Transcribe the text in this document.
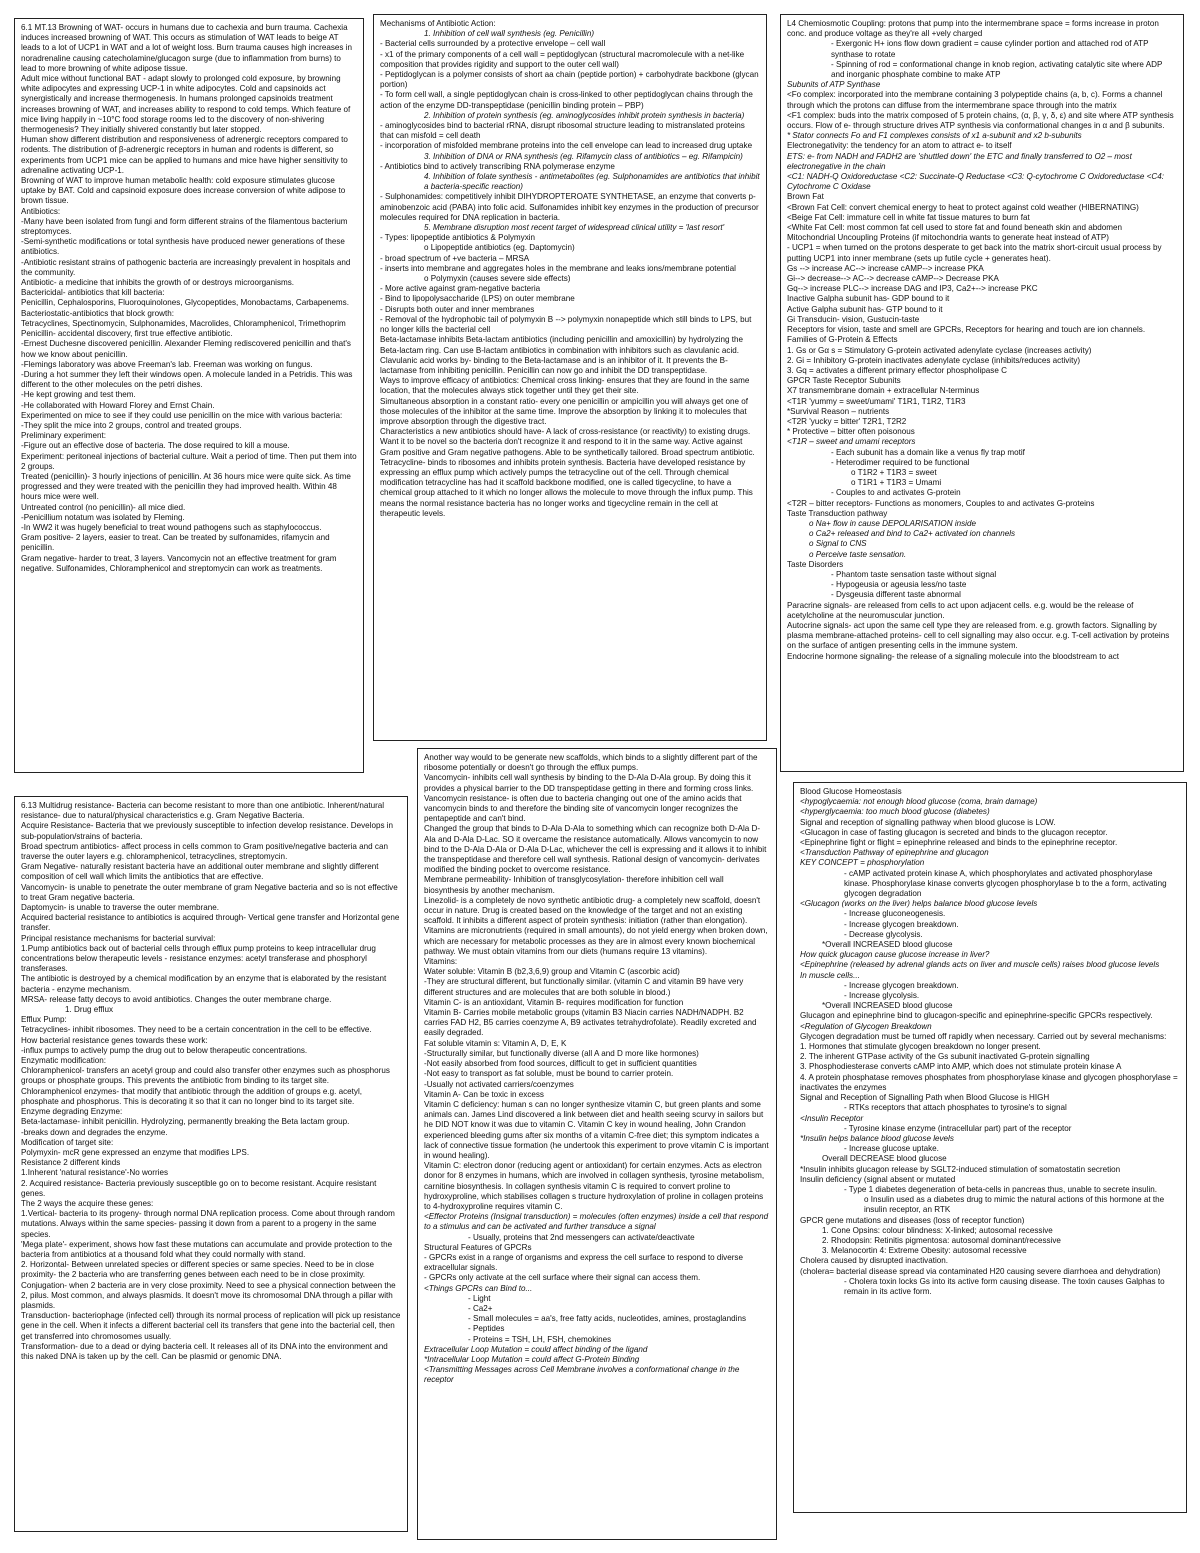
6.1 MT.13 Browning of WAT- occurs in humans due to cachexia and burn trauma. Cachexia induces increased browning of WAT. This occurs as stimulation of WAT leads to beige AT leads to a lot of UCP1 in WAT and a lot of weight loss. Burn trauma causes high increases in noradrenaline causing catecholamine/glucagon surge (due to inflammation from burns) to lead to more browning of white adipose tissue.

Adult mice without functional BAT - adapt slowly to prolonged cold exposure, by browning white adipocytes and expressing UCP-1 in white adipocytes. Cold and capsinoids act synergistically and increase thermogenesis. In humans prolonged capsinoids treatment increases browning of WAT, and increases ability to respond to cold temps. Which feature of mice living happily in ~10°C food storage rooms led to the discovery of non-shivering thermogenesis? They initially shivered constantly but later stopped.

Human show different distribution and responsiveness of adrenergic receptors compared to rodents. The distribution of β-adrenergic receptors in human and rodents is different, so experiments from UCP1 mice can be applied to humans and mice have higher sensitivity to adrenaline activating UCP-1.

Browning of WAT to improve human metabolic health: cold exposure stimulates glucose uptake by BAT. Cold and capsinoid exposure does increase conversion of white adipose to brown tissue.

Antibiotics:

-Many have been isolated from fungi and form different strains of the filamentous bacterium streptomyces.

-Semi-synthetic modifications or total synthesis have produced newer generations of these antibiotics.

-Antibiotic resistant strains of pathogenic bacteria are increasingly prevalent in hospitals and the community.

Antibiotic- a medicine that inhibits the growth of or destroys microorganisms.

Bactericidal- antibiotics that kill bacteria:

Penicillin, Cephalosporins, Fluoroquinolones, Glycopeptides, Monobactams, Carbapenems.

Bacteriostatic-antibiotics that block growth:

Tetracyclines, Spectinomycin, Sulphonamides, Macrolides, Chloramphenicol, Trimethoprim

Penicillin- accidental discovery, first true effective antibiotic.

-Ernest Duchesne discovered penicillin. Alexander Fleming rediscovered penicillin and that's how we know about penicillin.

-Flemings laboratory was above Freeman's lab. Freeman was working on fungus.

-During a hot summer they left their windows open. A molecule landed in a Petridis. This was different to the other molecules on the petri dishes.

-He kept growing and test them.

-He collaborated with Howard Florey and Ernst Chain.

Experimented on mice to see if they could use penicillin on the mice with various bacteria:

-They split the mice into 2 groups, control and treated groups.

Preliminary experiment:

-Figure out an effective dose of bacteria. The dose required to kill a mouse.

Experiment: peritoneal injections of bacterial culture. Wait a period of time. Then put them into 2 groups.

Treated (penicillin)- 3 hourly injections of penicillin. At 36 hours mice were quite sick. As time progressed and they were treated with the penicillin they had improved health. Within 48 hours mice were well.

Untreated control (no penicillin)- all mice died.

-Penicillium notatum was isolated by Fleming.

-In WW2 it was hugely beneficial to treat wound pathogens such as staphylococcus.

Gram positive- 2 layers, easier to treat. Can be treated by sulfonamides, rifamycin and penicillin.

Gram negative- harder to treat, 3 layers. Vancomycin not an effective treatment for gram negative. Sulfonamides, Chloramphenicol and streptomycin can work as treatments.

Mechanisms of Antibiotic Action:

1. Inhibition of cell wall synthesis (eg. Penicillin)

- Bacterial cells surrounded by a protective envelope – cell wall

- x1 of the primary components of a cell wall = peptidoglycan (structural macromolecule with a net-like composition that provides rigidity and support to the outer cell wall)

- Peptidoglycan is a polymer consists of short aa chain (peptide portion) + carbohydrate backbone (glycan portion)

- To form cell wall, a single peptidoglycan chain is cross-linked to other peptidoglycan chains through the action of the enzyme DD-transpeptidase (penicillin binding protein – PBP)

2. Inhibition of protein synthesis (eg. aminoglycosides inhibit protein synthesis in bacteria)

- aminoglycosides bind to bacterial rRNA, disrupt ribosomal structure leading to mistranslated proteins that can misfold = cell death

- incorporation of misfolded membrane proteins into the cell envelope can lead to increased drug uptake

3. Inhibition of DNA or RNA synthesis (eg. Rifamycin class of antibiotics – eg. Rifampicin)

- Antibiotics bind to actively transcribing RNA polymerase enzyme

4. Inhibition of folate synthesis - antimetabolites (eg. Sulphonamides are antibiotics that inhibit a bacteria-specific reaction)

- Sulphonamides: competitively inhibit DIHYDROPTEROATE SYNTHETASE, an enzyme that converts p-aminobenzoic acid (PABA) into folic acid. Sulfonamides inhibit key enzymes in the production of precursor molecules required for DNA replication in bacteria.

5. Membrane disruption most recent target of widespread clinical utility = 'last resort'

- Types: lipopeptide antibiotics & Polymyxin

o Lipopeptide antibiotics (eg. Daptomycin)

- broad spectrum of +ve bacteria – MRSA

- inserts into membrane and aggregates holes in the membrane and leaks ions/membrane potential

o Polymyxin (causes severe side effects)

- More active against gram-negative bacteria

- Bind to lipopolysaccharide (LPS) on outer membrane

- Disrupts both outer and inner membranes

- Removal of the hydrophobic tail of polymyxin B --> polymyxin nonapeptide which still binds to LPS, but no longer kills the bacterial cell

Beta-lactamase inhibits Beta-lactam antibiotics (including penicillin and amoxicillin) by hydrolyzing the Beta-lactam ring. Can use B-lactam antibiotics in combination with inhibitors such as clavulanic acid.

Clavulanic acid works by- binding to the Beta-lactamase and is an inhibitor of it. It prevents the B-lactamase from inhibiting penicillin. Penicillin can now go and inhibit the DD transpeptidase.

Ways to improve efficacy of antibiotics: Chemical cross linking- ensures that they are found in the same location, that the molecules always stick together until they get their site.

Simultaneous absorption in a constant ratio- every one penicillin or ampicillin you will always get one of those molecules of the inhibitor at the same time. Improve the absorption by linking it to molecules that improve absorption through the digestive tract.

Characteristics a new antibiotics should have- A lack of cross-resistance (or reactivity) to existing drugs. Want it to be novel so the bacteria don't recognize it and respond to it in the same way. Active against Gram positive and Gram negative pathogens. Able to be synthetically tailored. Broad spectrum antibiotic.

Tetracycline- binds to ribosomes and inhibits protein synthesis. Bacteria have developed resistance by expressing an efflux pump which actively pumps the tetracycline out of the cell. Through chemical modification tetracycline has had it scaffold backbone modified, one is called tigecycline, to have a chemical group attached to it which no longer allows the molecule to move through the influx pump. This means the normal resistance bacteria has no longer works and tigecycline remain in the cell at therapeutic levels.

L4 Chemiosmotic Coupling: protons that pump into the intermembrane space = forms increase in proton conc. and produce voltage as they're all +vely charged

- Exergonic H+ ions flow down gradient = cause cylinder portion and attached rod of ATP synthase to rotate

- Spinning of rod = conformational change in knob region, activating catalytic site where ADP and inorganic phosphate combine to make ATP

Subunits of ATP Synthase

<Fo complex: incorporated into the membrane containing 3 polypeptide chains (a, b, c). Forms a channel through which the protons can diffuse from the intermembrane space through into the matrix

<F1 complex: buds into the matrix composed of 5 protein chains, (α, β, γ, δ, ε) and site where ATP synthesis occurs. Flow of e- through structure drives ATP synthesis via conformational changes in α and β subunits.

* Stator connects Fo and F1 complexes consists of x1 a-subunit and x2 b-subunits

Electronegativity: the tendency for an atom to attract e- to itself

ETS: e- from NADH and FADH2 are 'shuttled down' the ETC and finally transferred to O2 – most electronegative in the chain

<C1: NADH-Q Oxidoreductase <C2: Succinate-Q Reductase <C3: Q-cytochrome C Oxidoreductase <C4: Cytochrome C Oxidase

Brown Fat

<Brown Fat Cell: convert chemical energy to heat to protect against cold weather (HIBERNATING)

<Beige Fat Cell: immature cell in white fat tissue matures to burn fat

<White Fat Cell: most common fat cell used to store fat and found beneath skin and abdomen

Mitochondrial Uncoupling Proteins (if mitochondria wants to generate heat instead of ATP)

- UCP1 = when turned on the protons desperate to get back into the matrix short-circuit usual process by putting UCP1 into inner membrane (sets up futile cycle + generates heat).

Gs --> increase AC--> increase cAMP--> increase PKA

Gi--> decrease--> AC--> decrease cAMP--> Decrease PKA

Gq--> increase PLC--> increase DAG and IP3, Ca2+--> increase PKC

Inactive Galpha subunit has- GDP bound to it

Active Galpha subunit has- GTP bound to it

Gi Transducin- vision, Gustucin-taste

Receptors for vision, taste and smell are GPCRs, Receptors for hearing and touch are ion channels. Families of G-Protein & Effects

1. Gs or Gα s = Stimulatory G-protein activated adenylate cyclase (increases activity)

2. Gi = Inhibitory G-protein inactivates adenylate cyclase (inhibits/reduces activity)

3. Gq = activates a different primary effector phospholipase C

GPCR Taste Receptor Subunits

X7 transmembrane domain + extracellular N-terminus

<T1R 'yummy = sweet/umami' T1R1, T1R2, T1R3

*Survival Reason – nutrients

<T2R 'yucky = bitter' T2R1, T2R2

* Protective – bitter often poisonous

<T1R – sweet and umami receptors

- Each subunit has a domain like a venus fly trap motif

- Heterodimer required to be functional

o T1R2 + T1R3 = sweet

o T1R1 + T1R3 = Umami

- Couples to and activates G-protein

<T2R – bitter receptors- Functions as monomers, Couples to and activates G-proteins

Taste Transduction pathway

o Na+ flow in cause DEPOLARISATION inside

o Ca2+ released and bind to Ca2+ activated ion channels

o Signal to CNS

o Perceive taste sensation.

Taste Disorders

- Phantom taste sensation taste without signal

- Hypogeusia or ageusia less/no taste

- Dysgeusia different taste abnormal

Paracrine signals- are released from cells to act upon adjacent cells. e.g. would be the release of acetylcholine at the neuromuscular junction.

Autocrine signals- act upon the same cell type they are released from. e.g. growth factors. Signalling by plasma membrane-attached proteins- cell to cell signalling may also occur. e.g. T-cell activation by proteins on the surface of antigen presenting cells in the immune system.

Endocrine hormone signaling- the release of a signaling molecule into the bloodstream to act

Another way would to be generate new scaffolds, which binds to a slightly different part of the ribosome potentially or doesn't go through the efflux pumps.

Vancomycin- inhibits cell wall synthesis by binding to the D-Ala D-Ala group. By doing this it provides a physical barrier to the DD transpeptidase getting in there and forming cross links.

Vancomycin resistance- is often due to bacteria changing out one of the amino acids that vancomycin binds to and therefore the binding site of vancomycin longer recognizes the pentapeptide and can't bind.

Changed the group that binds to D-Ala D-Ala to something which can recognize both D-Ala D-Ala and D-Ala D-Lac. SO it overcame the resistance automatically. Allows vancomycin to now bind to the D-Ala D-Ala or D-Ala D-Lac, whichever the cell is expressing and it allows it to inhibit the transpeptidase and therefore cell wall synthesis. Rational design of vancomycin- derivates modified the binding pocket to overcome resistance.

Membrane permeability- Inhibition of transglycosylation- therefore inhibition cell wall biosynthesis by another mechanism.

Linezolid- is a completely de novo synthetic antibiotic drug- a completely new scaffold, doesn't occur in nature. Drug is created based on the knowledge of the target and not an existing scaffold. It inhibits a different aspect of protein synthesis: initiation (rather than elongation).

Vitamins are micronutrients (required in small amounts), do not yield energy when broken down, which are necessary for metabolic processes as they are in almost every known biochemical pathway. We must obtain vitamins from our diets (humans require 13 vitamins).

Vitamins:

Water soluble: Vitamin B (b2,3,6,9) group and Vitamin C (ascorbic acid)

-They are structural different, but functionally similar. (vitamin C and vitamin B9 have very different structures and are molecules that are both soluble in blood.)

Vitamin C- is an antioxidant, Vitamin B- requires modification for function

Vitamin B- Carries mobile metabolic groups (vitamin B3 Niacin carries NADH/NADPH. B2 carries FAD H2, B5 carries coenzyme A, B9 activates tetrahydrofolate). Readily excreted and easily degraded.

Fat soluble vitamin s: Vitamin A, D, E, K

-Structurally similar, but functionally diverse (all A and D more like hormones)

-Not easily absorbed from food sources, difficult to get in sufficient quantities

-Not easy to transport as fat soluble, must be bound to carrier protein.

-Usually not activated carriers/coenzymes

Vitamin A- Can be toxic in excess

Vitamin C deficiency: human s can no longer synthesize vitamin C, but green plants and some animals can. James Lind discovered a link between diet and health seeing scurvy in sailors but he DID NOT know it was due to vitamin C. Vitamin C key in wound healing, John Crandon experienced bleeding gums after six months of a vitamin C-free diet; this symptom indicates a lack of connective tissue formation (he undertook this experiment to prove vitamin C is important in wound healing).

Vitamin C: electron donor (reducing agent or antioxidant) for certain enzymes. Acts as electron donor for 8 enzymes in humans, which are involved in collagen synthesis, tyrosine metabolism, carnitine biosynthesis. In collagen synthesis vitamin C is required to convert proline to hydroxyproline, which stabilises collagen s tructure hydroxylation of proline in collagen proteins to 4-hydroxyproline requires vitamin C.

<Effector Proteins (Insignal transduction) = molecules (often enzymes) inside a cell that respond to a stimulus and can be activated and further transduce a signal

- Usually, proteins that 2nd messengers can activate/deactivate

Structural Features of GPCRs

- GPCRs exist in a range of organisms and express the cell surface to respond to diverse extracellular signals.

- GPCRs only activate at the cell surface where their signal can access them.

<Things GPCRs can Bind to...

- Light

- Ca2+

- Small molecules = aa's, free fatty acids, nucleotides, amines, prostaglandins

- Peptides

- Proteins = TSH, LH, FSH, chemokines

Extracellular Loop Mutation = could affect binding of the ligand

*Intracellular Loop Mutation = could affect G-Protein Binding

<Transmitting Messages across Cell Membrane involves a conformational change in the receptor

6.13 Multidrug resistance- Bacteria can become resistant to more than one antibiotic. Inherent/natural resistance- due to natural/physical characteristics e.g. Gram Negative Bacteria.

Acquire Resistance- Bacteria that we previously susceptible to infection develop resistance. Develops in sub-population/strains of bacteria.

Broad spectrum antibiotics- affect process in cells common to Gram positive/negative bacteria and can traverse the outer layers e.g. chloramphenicol, tetracyclines, streptomycin.

Gram Negative- naturally resistant bacteria have an additional outer membrane and slightly different composition of cell wall which limits the antibiotics that are effective.

Vancomycin- is unable to penetrate the outer membrane of gram Negative bacteria and so is not effective to treat Gram negative bacteria.

Daptomycin- is unable to traverse the outer membrane.

Acquired bacterial resistance to antibiotics is acquired through- Vertical gene transfer and Horizontal gene transfer.

Principal resistance mechanisms for bacterial survival:

1.Pump antibiotics back out of bacterial cells through efflux pump proteins to keep intracellular drug concentrations below therapeutic levels - resistance enzymes: acetyl transferase and phosphoryl transferases.

The antibiotic is destroyed by a chemical modification by an enzyme that is elaborated by the resistant bacteria - enzyme mechanism.

MRSA- release fatty decoys to avoid antibiotics. Changes the outer membrane charge.

1. Drug efflux

Efflux Pump:

Tetracyclines- inhibit ribosomes. They need to be a certain concentration in the cell to be effective.

How bacterial resistance genes towards these work:

-influx pumps to actively pump the drug out to below therapeutic concentrations.

Enzymatic modification:

Chloramphenicol- transfers an acetyl group and could also transfer other enzymes such as phosphorus groups or phosphate groups. This prevents the antibiotic from binding to its target site.

Chloramphenicol enzymes- that modify that antibiotic through the addition of groups e.g. acetyl, phosphate and phosphorus. This is decorating it so that it can no longer bind to its target site.

Enzyme degrading Enzyme:

Beta-lactamase- inhibit penicillin. Hydrolyzing, permanently breaking the Beta lactam group.

-breaks down and degrades the enzyme.

Modification of target site:

Polymyxin- mcR gene expressed an enzyme that modifies LPS.

Resistance 2 different kinds

1.Inherent 'natural resistance'-No worries

2. Acquired resistance- Bacteria previously susceptible go on to become resistant. Acquire resistant genes.

The 2 ways the acquire these genes:

1.Vertical- bacteria to its progeny- through normal DNA replication process. Come about through random mutations. Always within the same species- passing it down from a parent to a progeny in the same species.

'Mega plate'- experiment, shows how fast these mutations can accumulate and provide protection to the bacteria from antibiotics at a thousand fold what they could normally with stand.

2. Horizontal- Between unrelated species or different species or same species. Need to be in close proximity- the 2 bacteria who are transferring genes between each need to be in close proximity.

Conjugation- when 2 bacteria are in very close proximity. Need to see a physical connection between the 2, pilus. Most common, and always plasmids. It doesn't move its chromosomal DNA through a pillar with plasmids.

Transduction- bacteriophage (infected cell) through its normal process of replication will pick up resistance gene in the cell. When it infects a different bacterial cell its transfers that gene into the bacterial cell, then get transferred into chromosomes usually.

Transformation- due to a dead or dying bacteria cell. It releases all of its DNA into the environment and this naked DNA is taken up by the cell. Can be plasmid or genomic DNA.

Blood Glucose Homeostasis

<hypoglycaemia: not enough blood glucose (coma, brain damage)

<hyperglycaemia: too much blood glucose (diabetes)

Signal and reception of signalling pathway when blood glucose is LOW.

<Glucagon in case of fasting glucagon is secreted and binds to the glucagon receptor.

<Epinephrine fight or flight = epinephrine released and binds to the epinephrine receptor.

<Transduction Pathway of epinephrine and glucagon

KEY CONCEPT = phosphorylation

- cAMP activated protein kinase A, which phosphorylates and activated phosphorylase kinase. Phosphorylase kinase converts glycogen phosphorylase b to the a form, activating glycogen degradation

<Glucagon (works on the liver) helps balance blood glucose levels

- Increase gluconeogenesis.

- Increase glycogen breakdown.

- Decrease glycolysis.

*Overall INCREASED blood glucose

How quick glucagon cause glucose increase in liver?

<Epinephrine (released by adrenal glands acts on liver and muscle cells) raises blood glucose levels

In muscle cells...

- Increase glycogen breakdown.

- Increase glycolysis.

*Overall INCREASED blood glucose

Glucagon and epinephrine bind to glucagon-specific and epinephrine-specific GPCRs respectively.

<Regulation of Glycogen Breakdown

Glycogen degradation must be turned off rapidly when necessary. Carried out by several mechanisms:

1. Hormones that stimulate glycogen breakdown no longer present.

2. The inherent GTPase activity of the Gs subunit inactivated G-protein signalling

3. Phosphodiesterase converts cAMP into AMP, which does not stimulate protein kinase A

4. A protein phosphatase removes phosphates from phosphorylase kinase and glycogen phosphorylase = inactivates the enzymes

Signal and Reception of Signalling Path when Blood Glucose is HIGH

- RTKs receptors that attach phosphates to tyrosine's to signal

<Insulin Receptor

- Tyrosine kinase enzyme (intracellular part) part of the receptor

*Insulin helps balance blood glucose levels

- Increase glucose uptake.

Overall DECREASE blood glucose

*Insulin inhibits glucagon release by SGLT2-induced stimulation of somatostatin secretion

Insulin deficiency (signal absent or mutated

- Type 1 diabetes degeneration of beta-cells in pancreas thus, unable to secrete insulin.

o Insulin used as a diabetes drug to mimic the natural actions of this hormone at the insulin receptor, an RTK

GPCR gene mutations and diseases (loss of receptor function)

1. Cone Opsins: colour blindness: X-linked; autosomal recessive

2. Rhodopsin: Retinitis pigmentosa: autosomal dominant/recessive

3. Melanocortin 4: Extreme Obesity: autosomal recessive

Cholera caused by disrupted inactivation.

(cholera= bacterial disease spread via contaminated H20 causing severe diarrhoea and dehydration)

- Cholera toxin locks Gs into its active form causing disease. The toxin causes Galphas to remain in its active form.
